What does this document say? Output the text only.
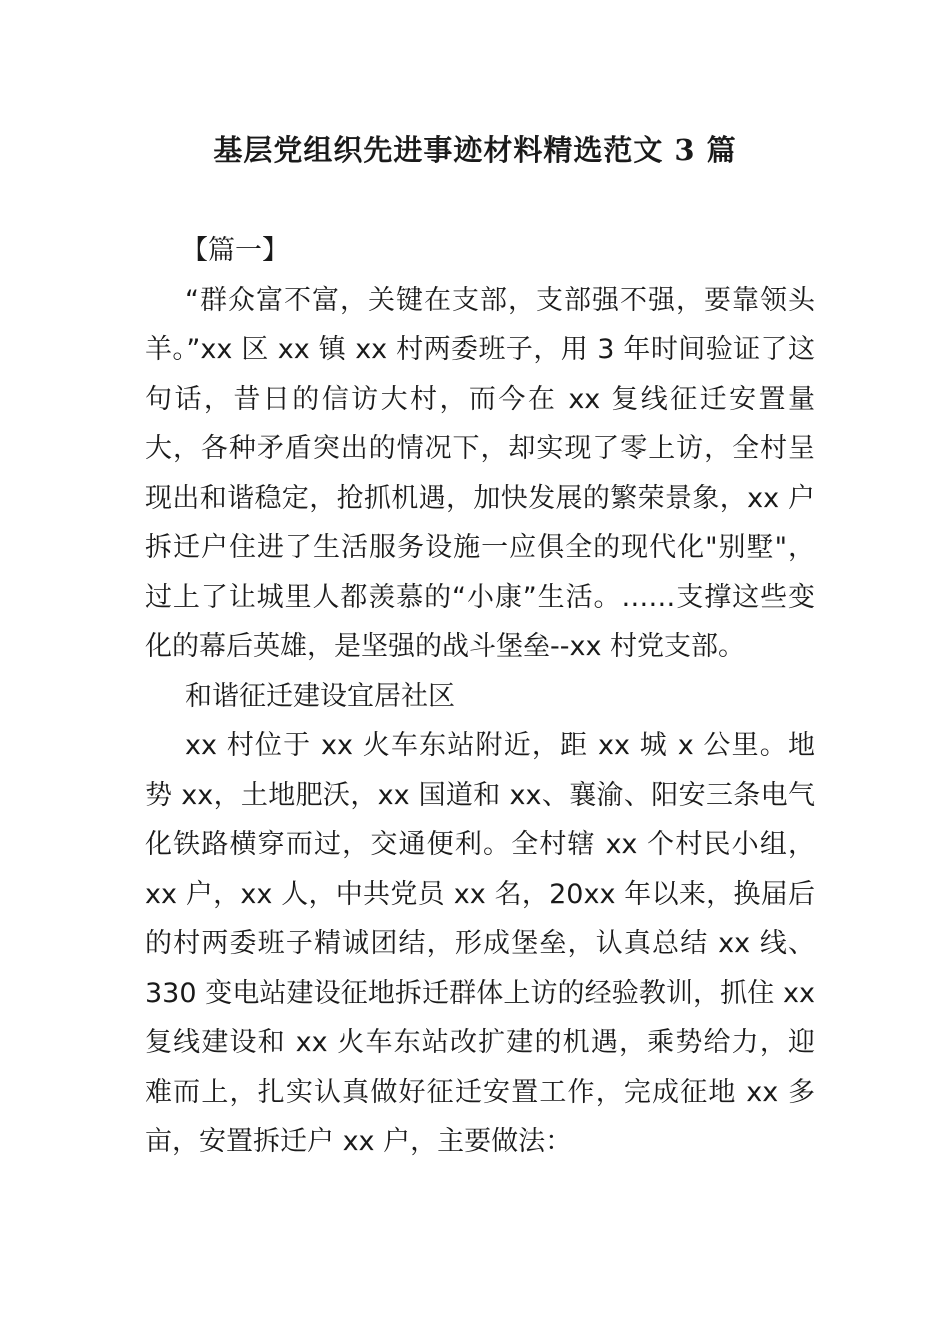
基层党组织先进事迹材料精选范文 3 篇

【篇一】

“群众富不富，关键在支部，支部强不强，要靠领头羊。”xx 区 xx 镇 xx 村两委班子，用 3 年时间验证了这句话，昔日的信访大村，而今在 xx 复线征迁安置量大，各种矛盾突出的情况下，却实现了零上访，全村呈现出和谐稳定，抢抓机遇，加快发展的繁荣景象，xx 户拆迁户住进了生活服务设施一应俱全的现代化"别墅"，过上了让城里人都羡慕的“小康”生活。……支撑这些变化的幕后英雄，是坚强的战斗堡垒--xx 村党支部。

和谐征迁建设宜居社区

xx 村位于 xx 火车东站附近，距 xx 城 x 公里。地势 xx，土地肥沃，xx 国道和 xx、襄渝、阳安三条电气化铁路横穿而过，交通便利。全村辖 xx 个村民小组，xx 户，xx 人，中共党员 xx 名，20xx 年以来，换届后的村两委班子精诚团结，形成堡垒，认真总结 xx 线、330 变电站建设征地拆迁群体上访的经验教训，抓住 xx 复线建设和 xx 火车东站改扩建的机遇，乘势给力，迎难而上，扎实认真做好征迁安置工作，完成征地 xx 多亩，安置拆迁户 xx 户，主要做法：
